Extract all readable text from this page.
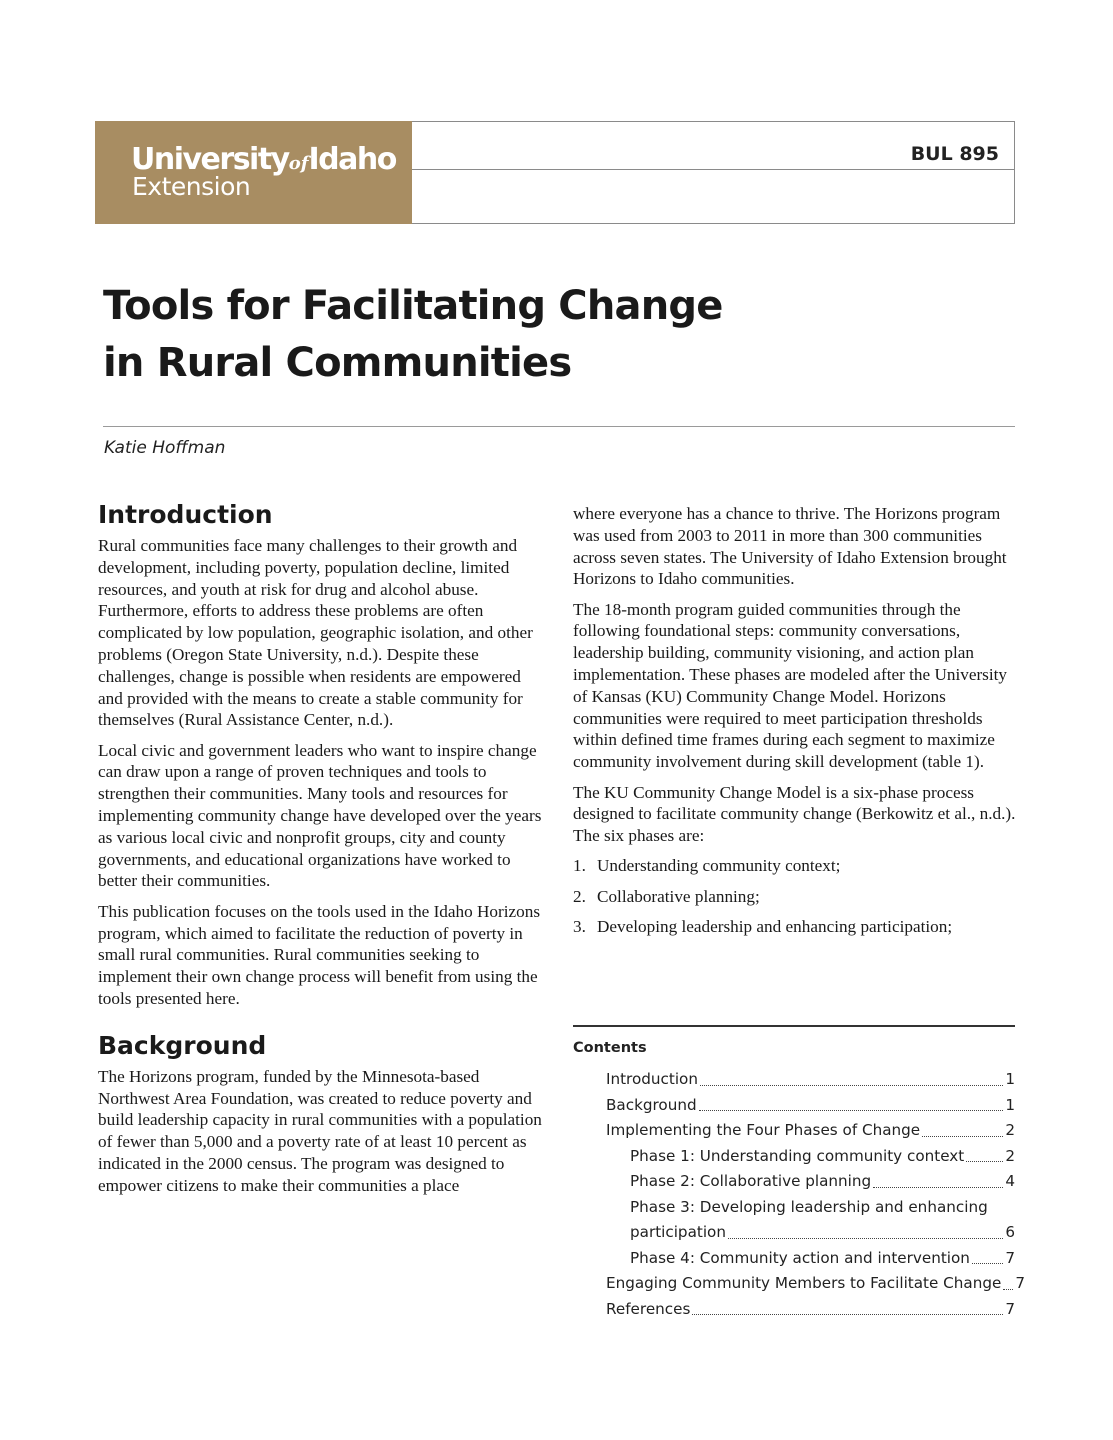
UniversityofIdaho
Extension
BUL 895
Tools for Facilitating Change
in Rural Communities
Katie Hoffman
Introduction

Rural communities face many challenges to their growth and development, including poverty, population decline, limited resources, and youth at risk for drug and alcohol abuse. Furthermore, efforts to address these problems are often complicated by low population, geographic isolation, and other problems (Oregon State University, n.d.). Despite these challenges, change is possible when residents are empowered and provided with the means to create a stable community for themselves (Rural Assistance Center, n.d.).

Local civic and government leaders who want to inspire change can draw upon a range of proven techniques and tools to strengthen their communities. Many tools and resources for implementing community change have developed over the years as various local civic and nonprofit groups, city and county governments, and educational organizations have worked to better their communities.

This publication focuses on the tools used in the Idaho Horizons program, which aimed to facilitate the reduction of poverty in small rural communities. Rural communities seeking to implement their own change process will benefit from using the tools presented here.

Background

The Horizons program, funded by the Minnesota-based Northwest Area Foundation, was created to reduce poverty and build leadership capacity in rural communities with a population of fewer than 5,000 and a poverty rate of at least 10 percent as indicated in the 2000 census. The program was designed to empower citizens to make their communities a place

where everyone has a chance to thrive. The Horizons program was used from 2003 to 2011 in more than 300 communities across seven states. The University of Idaho Extension brought Horizons to Idaho communities.

The 18-month program guided communities through the following foundational steps: community conversations, leadership building, community visioning, and action plan implementation. These phases are modeled after the University of Kansas (KU) Community Change Model. Horizons communities were required to meet participation thresholds within defined time frames during each segment to maximize community involvement during skill development (table 1).

The KU Community Change Model is a six-phase process designed to facilitate community change (Berkowitz et al., n.d.). The six phases are:

1. Understanding community context;
2. Collaborative planning;
3. Developing leadership and enhancing participation;
Contents
Introduction	1
Background	1
Implementing the Four Phases of Change	2
Phase 1: Understanding community context	2
Phase 2: Collaborative planning	4
Phase 3: Developing leadership and enhancing
participation	6
Phase 4: Community action and intervention 7
Engaging Community Members to Facilitate Change 7
References	7
